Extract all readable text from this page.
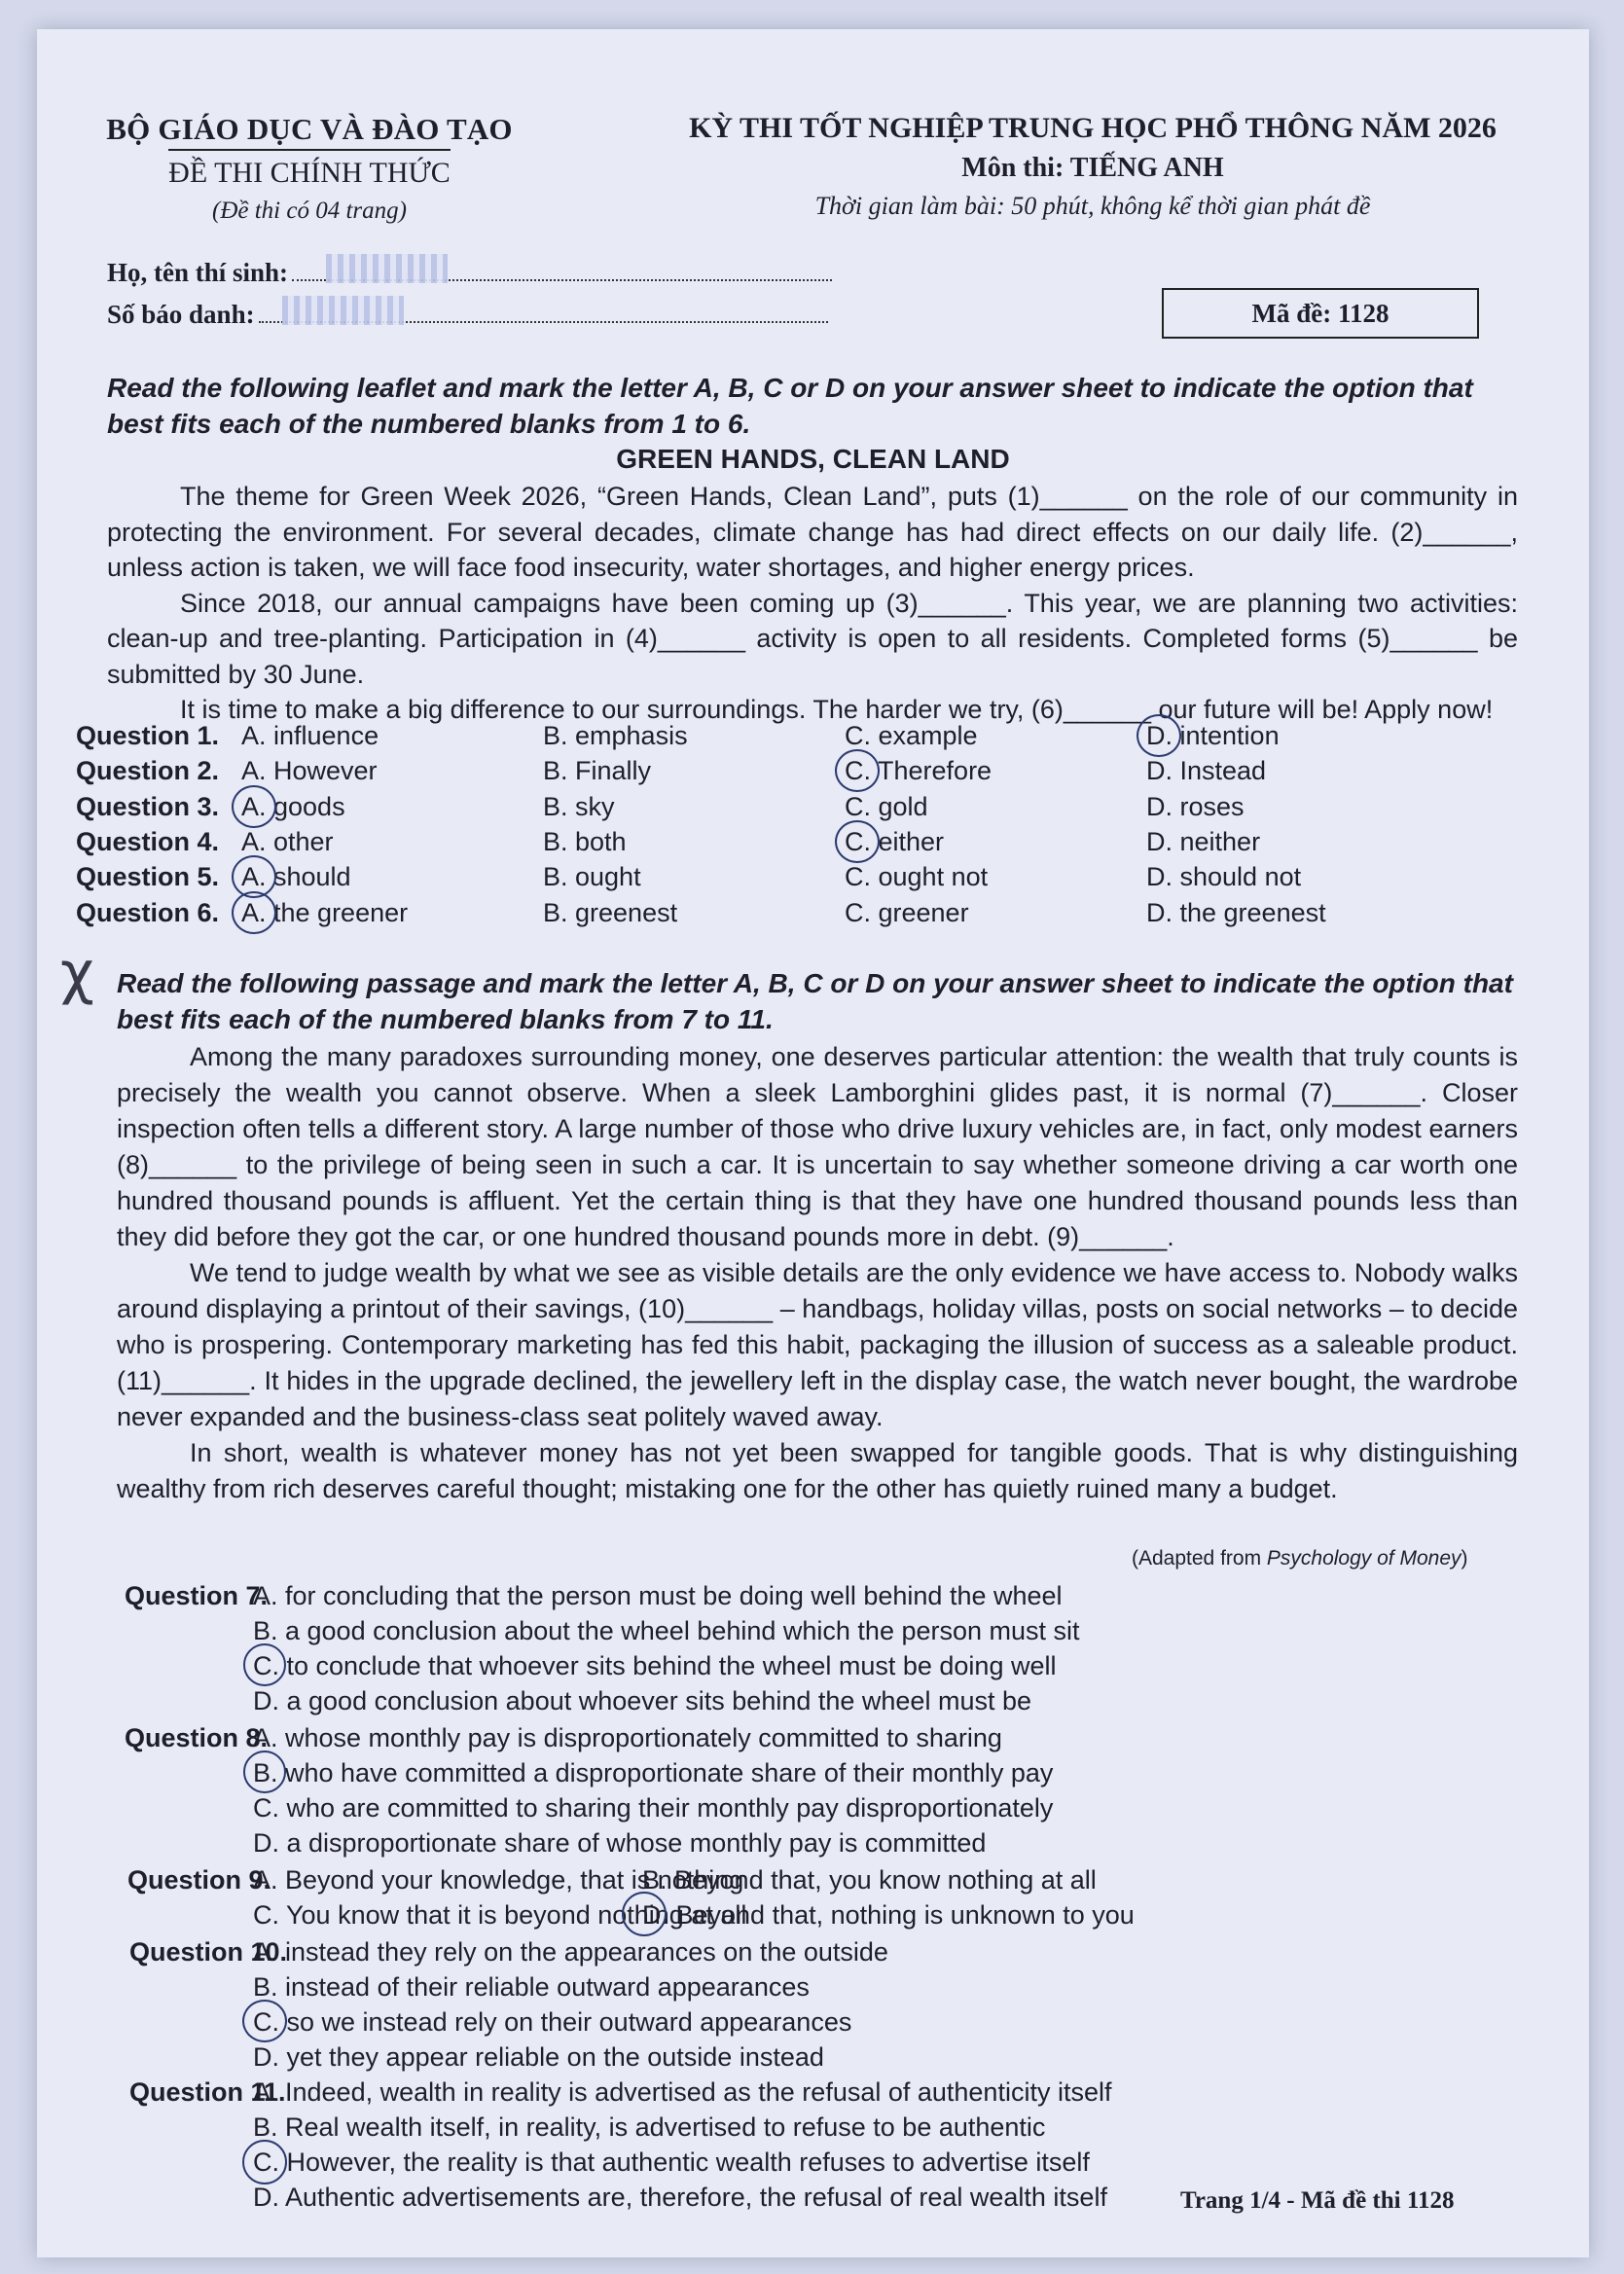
BỘ GIÁO DỤC VÀ ĐÀO TẠO
ĐỀ THI CHÍNH THỨC
(Đề thi có 04 trang)
KỲ THI TỐT NGHIỆP TRUNG HỌC PHỔ THÔNG NĂM 2026
Môn thi: TIẾNG ANH
Thời gian làm bài: 50 phút, không kể thời gian phát đề
Họ, tên thí sinh:
Số báo danh:	Mã đề: 1128
Read the following leaflet and mark the letter A, B, C or D on your answer sheet to indicate the option that best fits each of the numbered blanks from 1 to 6.
GREEN HANDS, CLEAN LAND

The theme for Green Week 2026, “Green Hands, Clean Land”, puts (1)______ on the role of our community in protecting the environment. For several decades, climate change has had direct effects on our daily life. (2)______, unless action is taken, we will face food insecurity, water shortages, and higher energy prices.

Since 2018, our annual campaigns have been coming up (3)______. This year, we are planning two activities: clean-up and tree-planting. Participation in (4)______ activity is open to all residents. Completed forms (5)______ be submitted by 30 June.

It is time to make a big difference to our surroundings. The harder we try, (6)______ our future will be! Apply now!

Question 1. A. influence	B. emphasis	C. example	D. intention
Question 2. A. However	B. Finally	C. Therefore	D. Instead
Question 3. A. goods	B. sky	C. gold	D. roses
Question 4. A. other	B. both	C. either	D. neither
Question 5. A. should	B. ought	C. ought not	D. should not
Question 6. A. the greener	B. greenest	C. greener	D. the greenest
χ Read the following passage and mark the letter A, B, C or D on your answer sheet to indicate the option that best fits each of the numbered blanks from 7 to 11.

Among the many paradoxes surrounding money, one deserves particular attention: the wealth that truly counts is precisely the wealth you cannot observe. When a sleek Lamborghini glides past, it is normal (7)______. Closer inspection often tells a different story. A large number of those who drive luxury vehicles are, in fact, only modest earners (8)______ to the privilege of being seen in such a car. It is uncertain to say whether someone driving a car worth one hundred thousand pounds is affluent. Yet the certain thing is that they have one hundred thousand pounds less than they did before they got the car, or one hundred thousand pounds more in debt. (9)______.

We tend to judge wealth by what we see as visible details are the only evidence we have access to. Nobody walks around displaying a printout of their savings, (10)______ – handbags, holiday villas, posts on social networks – to decide who is prospering. Contemporary marketing has fed this habit, packaging the illusion of success as a saleable product. (11)______. It hides in the upgrade declined, the jewellery left in the display case, the watch never bought, the wardrobe never expanded and the business-class seat politely waved away.

In short, wealth is whatever money has not yet been swapped for tangible goods. That is why distinguishing wealthy from rich deserves careful thought; mistaking one for the other has quietly ruined many a budget.

(Adapted from Psychology of Money)
Question 7.
A. for concluding that the person must be doing well behind the wheel
B. a good conclusion about the wheel behind which the person must sit
C. to conclude that whoever sits behind the wheel must be doing well
D. a good conclusion about whoever sits behind the wheel must be
Question 8.
A. whose monthly pay is disproportionately committed to sharing
B. who have committed a disproportionate share of their monthly pay
C. who are committed to sharing their monthly pay disproportionately
D. a disproportionate share of whose monthly pay is committed
Question 9.
A. Beyond your knowledge, that is nothing
B. Beyond that, you know nothing at all
C. You know that it is beyond nothing at all
D. Beyond that, nothing is unknown to you
Question 10.
A. instead they rely on the appearances on the outside
B. instead of their reliable outward appearances
C. so we instead rely on their outward appearances
D. yet they appear reliable on the outside instead
Question 11.
A. Indeed, wealth in reality is advertised as the refusal of authenticity itself
B. Real wealth itself, in reality, is advertised to refuse to be authentic
C. However, the reality is that authentic wealth refuses to advertise itself
D. Authentic advertisements are, therefore, the refusal of real wealth itself	Trang 1/4 - Mã đề thi 1128
